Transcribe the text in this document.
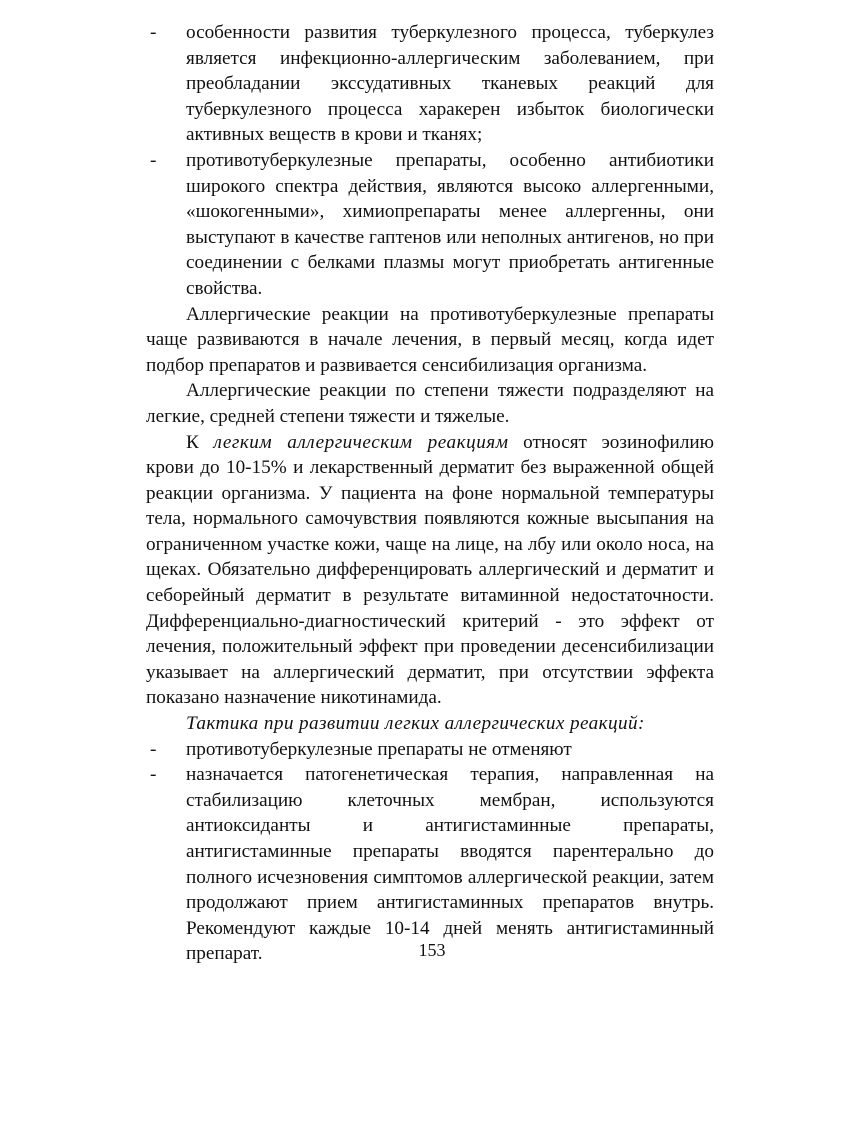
- особенности развития туберкулезного процесса, туберкулез является инфекционно-аллергическим заболеванием, при преобладании экссудативных тканевых реакций для туберкулезного процесса харакерен избыток биологически активных веществ в крови и тканях;
- противотуберкулезные препараты, особенно антибиотики широкого спектра действия, являются высоко аллергенными, «шокогенными», химиопрепараты менее аллергенны, они выступают в качестве гаптенов или неполных антигенов, но при соединении с белками плазмы могут приобретать антигенные свойства.

Аллергические реакции на противотуберкулезные препараты чаще развиваются в начале лечения, в первый месяц, когда идет подбор препаратов и развивается сенсибилизация организма.

Аллергические реакции по степени тяжести подразделяют на легкие, средней степени тяжести и тяжелые.

К легким аллергическим реакциям относят эозинофилию крови до 10-15% и лекарственный дерматит без выраженной общей реакции организма. У пациента на фоне нормальной температуры тела, нормального самочувствия появляются кожные высыпания на ограниченном участке кожи, чаще на лице, на лбу или около носа, на щеках. Обязательно дифференцировать аллергический и дерматит и себорейный дерматит в результате витаминной недостаточности. Дифференциально-диагностический критерий - это эффект от лечения, положительный эффект при проведении десенсибилизации указывает на аллергический дерматит, при отсутствии эффекта показано назначение никотинамида.

Тактика при развитии легких аллергических реакций:

- противотуберкулезные препараты не отменяют
- назначается патогенетическая терапия, направленная на стабилизацию клеточных мембран, используются антиоксиданты и антигистаминные препараты, антигистаминные препараты вводятся парентерально до полного исчезновения симптомов аллергической реакции, затем продолжают прием антигистаминных препаратов внутрь. Рекомендуют каждые 10-14 дней менять антигистаминный препарат.	153
